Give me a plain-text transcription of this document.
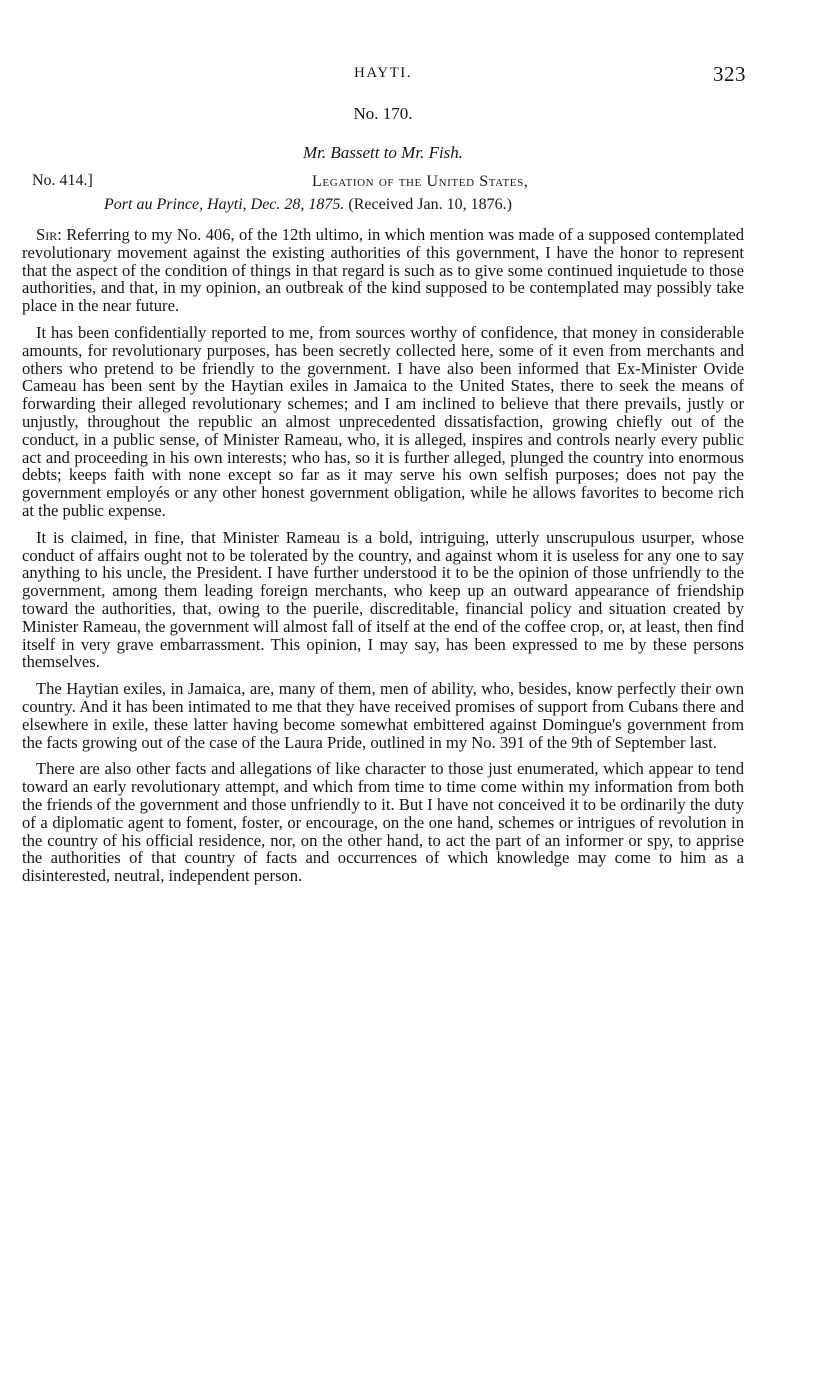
HAYTI.	323
No. 170.
Mr. Bassett to Mr. Fish.
No. 414.]	Legation of the United States,
Port au Prince, Hayti, Dec. 28, 1875. (Received Jan. 10, 1876.)

Sir: Referring to my No. 406, of the 12th ultimo, in which mention was made of a supposed contemplated revolutionary movement against the existing authorities of this government, I have the honor to represent that the aspect of the condition of things in that regard is such as to give some continued inquietude to those authorities, and that, in my opinion, an outbreak of the kind supposed to be contemplated may possibly take place in the near future.

It has been confidentially reported to me, from sources worthy of confidence, that money in considerable amounts, for revolutionary purposes, has been secretly collected here, some of it even from merchants and others who pretend to be friendly to the government. I have also been informed that Ex-Minister Ovide Cameau has been sent by the Haytian exiles in Jamaica to the United States, there to seek the means of forwarding their alleged revolutionary schemes; and I am inclined to believe that there prevails, justly or unjustly, throughout the republic an almost unprecedented dissatisfaction, growing chiefly out of the conduct, in a public sense, of Minister Rameau, who, it is alleged, inspires and controls nearly every public act and proceeding in his own interests; who has, so it is further alleged, plunged the country into enormous debts; keeps faith with none except so far as it may serve his own selfish purposes; does not pay the government employés or any other honest government obligation, while he allows favorites to become rich at the public expense.

It is claimed, in fine, that Minister Rameau is a bold, intriguing, utterly unscrupulous usurper, whose conduct of affairs ought not to be tolerated by the country, and against whom it is useless for any one to say anything to his uncle, the President. I have further understood it to be the opinion of those unfriendly to the government, among them leading foreign merchants, who keep up an outward appearance of friendship toward the authorities, that, owing to the puerile, discreditable, financial policy and situation created by Minister Rameau, the government will almost fall of itself at the end of the coffee crop, or, at least, then find itself in very grave embarrassment. This opinion, I may say, has been expressed to me by these persons themselves.

The Haytian exiles, in Jamaica, are, many of them, men of ability, who, besides, know perfectly their own country. And it has been intimated to me that they have received promises of support from Cubans there and elsewhere in exile, these latter having become somewhat embittered against Domingue's government from the facts growing out of the case of the Laura Pride, outlined in my No. 391 of the 9th of September last.

There are also other facts and allegations of like character to those just enumerated, which appear to tend toward an early revolutionary attempt, and which from time to time come within my information from both the friends of the government and those unfriendly to it. But I have not conceived it to be ordinarily the duty of a diplomatic agent to foment, foster, or encourage, on the one hand, schemes or intrigues of revolution in the country of his official residence, nor, on the other hand, to act the part of an informer or spy, to apprise the authorities of that country of facts and occurrences of which knowledge may come to him as a disinterested, neutral, independent person.
